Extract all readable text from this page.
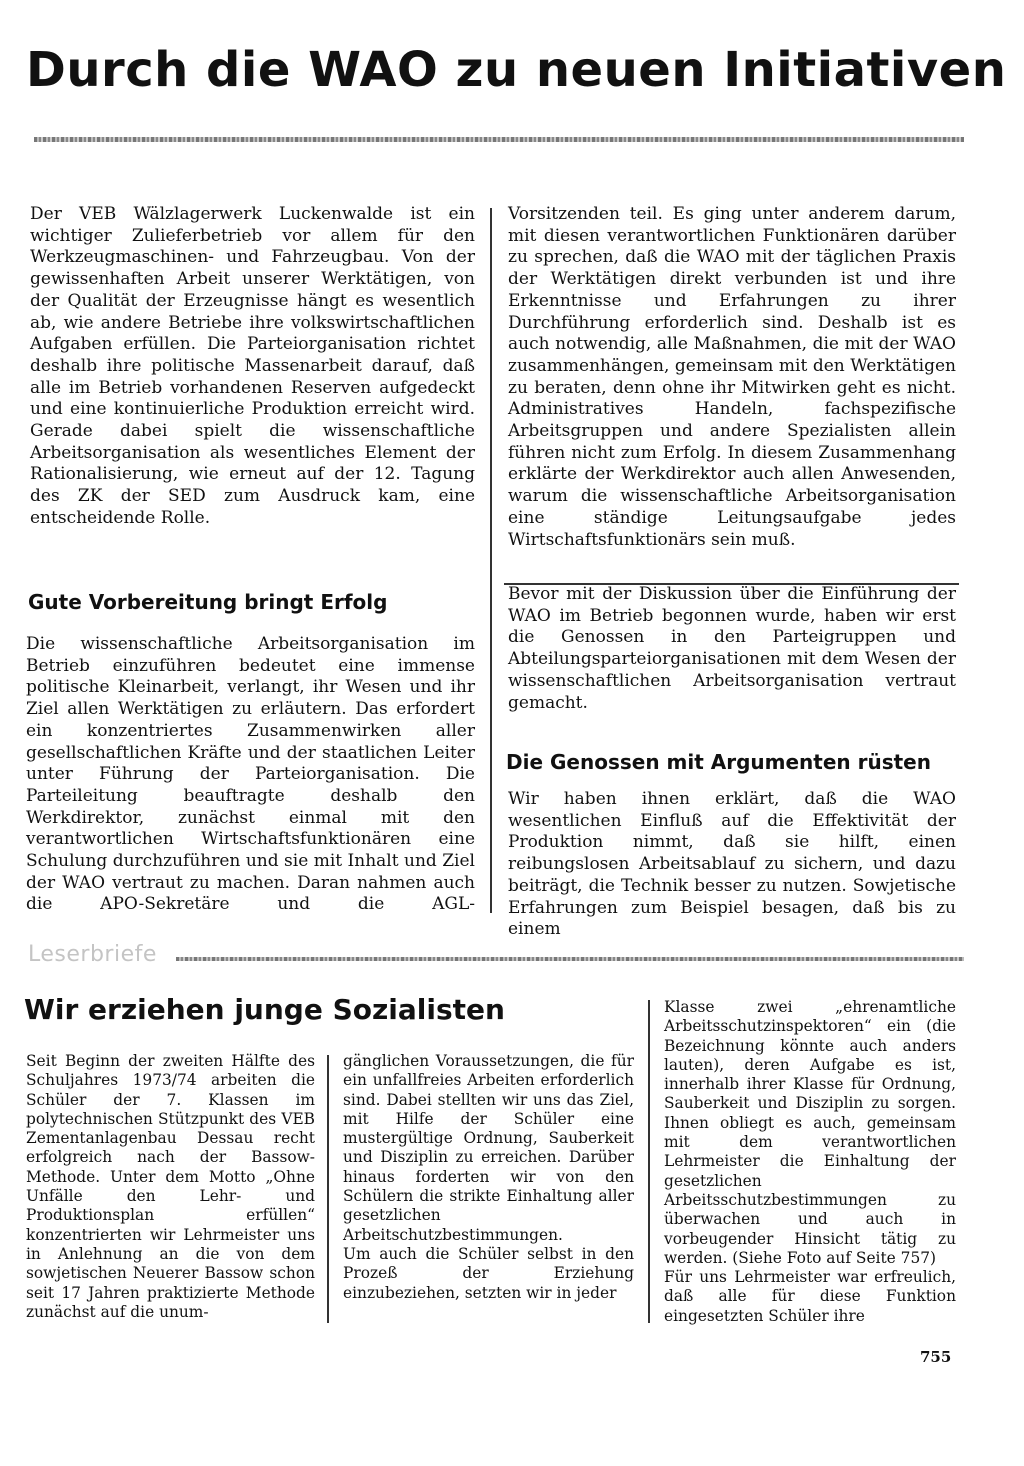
Durch die WAO zu neuen Initiativen

Der VEB Wälzlagerwerk Luckenwalde ist ein wichtiger Zulieferbetrieb vor allem für den Werkzeugmaschinen- und Fahrzeugbau. Von der gewissenhaften Arbeit unserer Werktätigen, von der Qualität der Erzeugnisse hängt es wesentlich ab, wie andere Betriebe ihre volkswirtschaftlichen Aufgaben erfüllen. Die Parteiorganisation richtet deshalb ihre politische Massenarbeit darauf, daß alle im Betrieb vorhandenen Reserven aufgedeckt und eine kontinuierliche Produktion erreicht wird. Gerade dabei spielt die wissenschaftliche Arbeitsorganisation als wesentliches Element der Rationalisierung, wie erneut auf der 12. Tagung des ZK der SED zum Ausdruck kam, eine entscheidende Rolle.

Gute Vorbereitung bringt Erfolg

Die wissenschaftliche Arbeitsorganisation im Betrieb einzuführen bedeutet eine immense politische Kleinarbeit, verlangt, ihr Wesen und ihr Ziel allen Werktätigen zu erläutern. Das erfordert ein konzentriertes Zusammenwirken aller gesellschaftlichen Kräfte und der staatlichen Leiter unter Führung der Parteiorganisation. Die Parteileitung beauftragte deshalb den Werkdirektor, zunächst einmal mit den verantwortlichen Wirtschaftsfunktionären eine Schulung durchzuführen und sie mit Inhalt und Ziel der WAO vertraut zu machen. Daran nahmen auch die APO-Sekretäre und die AGL-

Vorsitzenden teil. Es ging unter anderem darum, mit diesen verantwortlichen Funktionären darüber zu sprechen, daß die WAO mit der täglichen Praxis der Werktätigen direkt verbunden ist und ihre Erkenntnisse und Erfahrungen zu ihrer Durchführung erforderlich sind. Deshalb ist es auch notwendig, alle Maßnahmen, die mit der WAO zusammenhängen, gemeinsam mit den Werktätigen zu beraten, denn ohne ihr Mitwirken geht es nicht. Administratives Handeln, fachspezifische Arbeitsgruppen und andere Spezialisten allein führen nicht zum Erfolg. In diesem Zusammenhang erklärte der Werkdirektor auch allen Anwesenden, warum die wissenschaftliche Arbeitsorganisation eine ständige Leitungsaufgabe jedes Wirtschaftsfunktionärs sein muß.

Bevor mit der Diskussion über die Einführung der WAO im Betrieb begonnen wurde, haben wir erst die Genossen in den Parteigruppen und Abteilungsparteiorganisationen mit dem Wesen der wissenschaftlichen Arbeitsorganisation vertraut gemacht.

Die Genossen mit Argumenten rüsten

Wir haben ihnen erklärt, daß die WAO wesentlichen Einfluß auf die Effektivität der Produktion nimmt, daß sie hilft, einen reibungslosen Arbeitsablauf zu sichern, und dazu beiträgt, die Technik besser zu nutzen. Sowjetische Erfahrungen zum Beispiel besagen, daß bis zu einem

Leserbriefe
Wir erziehen junge Sozialisten

Seit Beginn der zweiten Hälfte des Schuljahres 1973/74 arbeiten die Schüler der 7. Klassen im polytechnischen Stützpunkt des VEB Zementanlagenbau Dessau recht erfolgreich nach der Bassow-Methode. Unter dem Motto „Ohne Unfälle den Lehr- und Produktionsplan erfüllen“ konzentrierten wir Lehrmeister uns in Anlehnung an die von dem sowjetischen Neuerer Bassow schon seit 17 Jahren praktizierte Methode zunächst auf die unum-

gänglichen Voraussetzungen, die für ein unfallfreies Arbeiten erforderlich sind. Dabei stellten wir uns das Ziel, mit Hilfe der Schüler eine mustergültige Ordnung, Sauberkeit und Disziplin zu erreichen. Darüber hinaus forderten wir von den Schülern die strikte Einhaltung aller gesetzlichen Arbeitschutzbestimmungen.

Um auch die Schüler selbst in den Prozeß der Erziehung einzubeziehen, setzten wir in jeder

Klasse zwei „ehrenamtliche Arbeitsschutzinspektoren“ ein (die Bezeichnung könnte auch anders lauten), deren Aufgabe es ist, innerhalb ihrer Klasse für Ordnung, Sauberkeit und Disziplin zu sorgen. Ihnen obliegt es auch, gemeinsam mit dem verantwortlichen Lehrmeister die Einhaltung der gesetzlichen Arbeitsschutzbestimmungen zu überwachen und auch in vorbeugender Hinsicht tätig zu werden. (Siehe Foto auf Seite 757)

Für uns Lehrmeister war erfreulich, daß alle für diese Funktion eingesetzten Schüler ihre

755
